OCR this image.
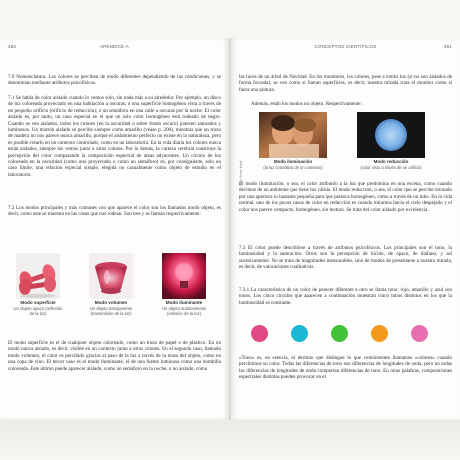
480	APÉNDICE A
7.0 Nomenclatura. Los colores se perciben de modo diferentes dependiendo de las condiciones, y se denominan mediante atributos psicofísicos.
7.1 Se habla de color aislado cuando lo vemos solo, sin nada más a su alrededor. Por ejemplo, un disco de luz coloreada proyectado en una habitación a oscuras; o una superficie homogénea vista a través de un pequeño orificio (orificio de reducción); o un semáforo en una calle a oscuras por la noche. El color aislado es, por tanto, un caso especial en el que un solo color homogéneo está rodeado de negro. Cuando se ven aislados, todos los colores (en la oscuridad o sobre fondo oscuro) parecen saturados y luminosos. Un marrón aislado se percibe siempre como amarillo (véase p. 200), mientras que un trozo de madera no nos parece nunca amarillo, porque el aislamiento perfecto no existe en la naturaleza, pero es posible crearlo en un contexto controlado, como en un laboratorio. En la vida diaria los colores nunca están aislados, siempre los vemos junto a otros colores. Por lo demás, la corteza cerebral construye la percepción del color comparando la composición espectral de áreas adyacentes. Un círculo de luz coloreada en la oscuridad (como uno proyectado o como un semáforo) es, por consiguiente, solo un caso límite, una relación especial simple, elegida no casualmente como objeto de estudio en el laboratorio.
7.2 Los modos principales y más comunes con que aparece el color son los llamados modo objeto, es decir, como este se muestra en las cosas que nos rodean. Son tres y se llaman respectivamente:
Modo superficie
Un objeto opaco (reflexión de la luz)
Modo volumen
Un objeto transparente (transmisión de la luz)
Modo iluminante
Un objeto autoluminoso (emisión de la luz)
El modo superficie es el de cualquier objeto coloreado, como un trozo de papel o de plástico. En un modo nunca aislado, es decir, visible en un contexto junto a otros colores. En el segundo caso, llamado modo volumen, el color es percibido gracias al paso de la luz a través de la masa del objeto, como en una copa de vino. El tercer caso es el modo iluminante, el de una fuente luminosa como una bombilla coloreada. Este último puede aparecer aislado, como un semáforo en la noche, o no aislado, como
CONCEPTOS CIENTÍFICOS	481
las luces de un árbol de Navidad. En los monitores, los colores, pese a emitir luz (si no son aislados de forma forzada), se ven como si fueran superficies, es decir, nuestra mirada trata el monitor como si fuera una pintura.
Además, están los modos no objeto. Respectivamente:
Foto: Peter Hawt	Modo iluminación
(la luz cromática de un contexto)
Modo reducción
(color visto a través de un orificio)
El modo iluminación, o sea, el color atribuido a la luz que predomina en una escena, como cuando decimos de un ambiente que tiene luz cálida. El modo reducción, o sea, el color que se percibe mirando por una apertura lo bastante pequeña para que parezca homogéneo, como a través de un tubo. En la vida normal, uno de los pocos casos de color en reducción es cuando miramos hacia el cielo despejado y el color nos parece compacto, homogéneo, sin textura. Se trata del color aislado por excelencia.
7.3 El color puede describirse a través de atributos psicofísicos. Los principales son el tono, la luminosidad y la saturación. Otros son la percepción de lúcido, de opaco, de diáfano, y así sucesivamente. No se trata de magnitudes mensurables, sino de modos de presentarse a nuestra mirada, es decir, de valoraciones cualitativas.
7.3.1 La característica de un color de parecer diferente a otro se llama tono: rojo, amarillo y azul son tonos. Los cinco círculos que aparecen a continuación muestran cinco tonos distintos en los que la luminosidad es constante.
«Tono» es, en esencia, el término que distingue lo que comúnmente llamamos «colores» cuando percibimos su color. Todas las diferencias de tono son diferencias de longitudes de onda, pero no todas las diferencias de longitudes de onda comportan diferencias de tono. En otras palabras, composiciones espectrales distintas pueden provocar en el
